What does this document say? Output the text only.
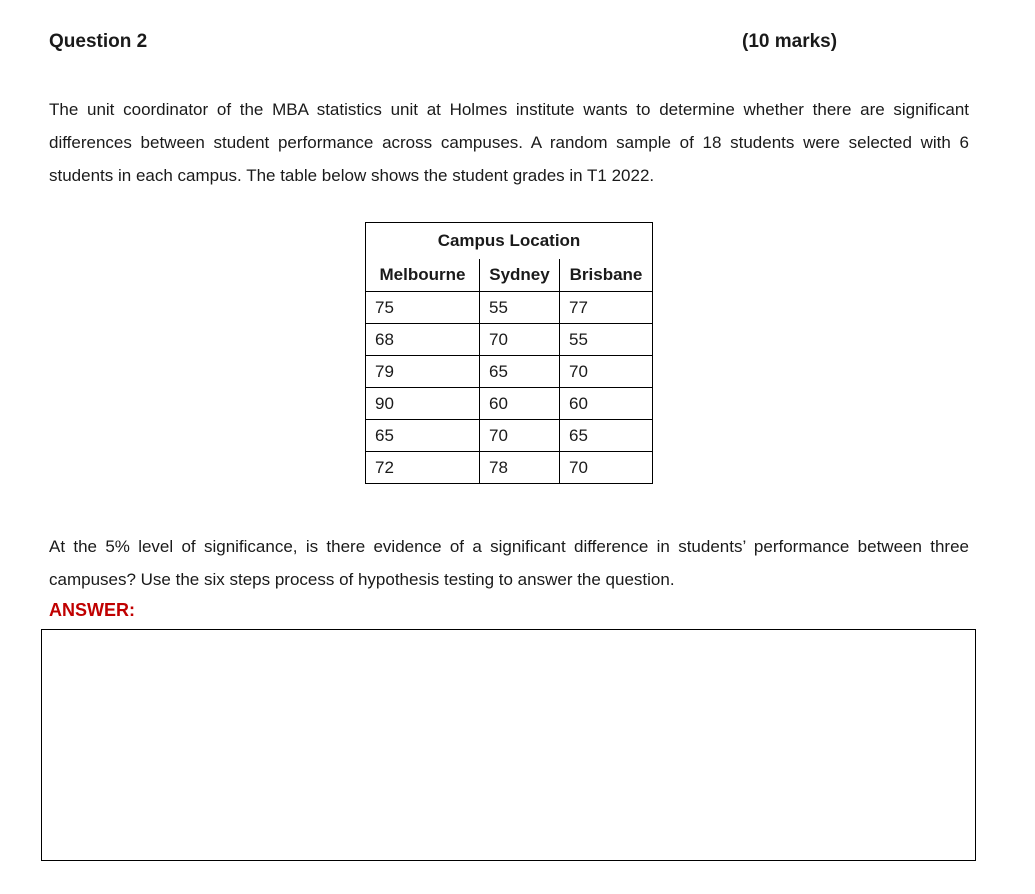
Question 2	(10 marks)

The unit coordinator of the MBA statistics unit at Holmes institute wants to determine whether there are significant differences between student performance across campuses. A random sample of 18 students were selected with 6 students in each campus. The table below shows the student grades in T1 2022.

Campus Location		
Melbourne	Sydney	Brisbane
75	55	77
68	70	55
79	65	70
90	60	60
65	70	65
72	78	70

At the 5% level of significance, is there evidence of a significant difference in students’ performance between three campuses? Use the six steps process of hypothesis testing to answer the question.

ANSWER:
